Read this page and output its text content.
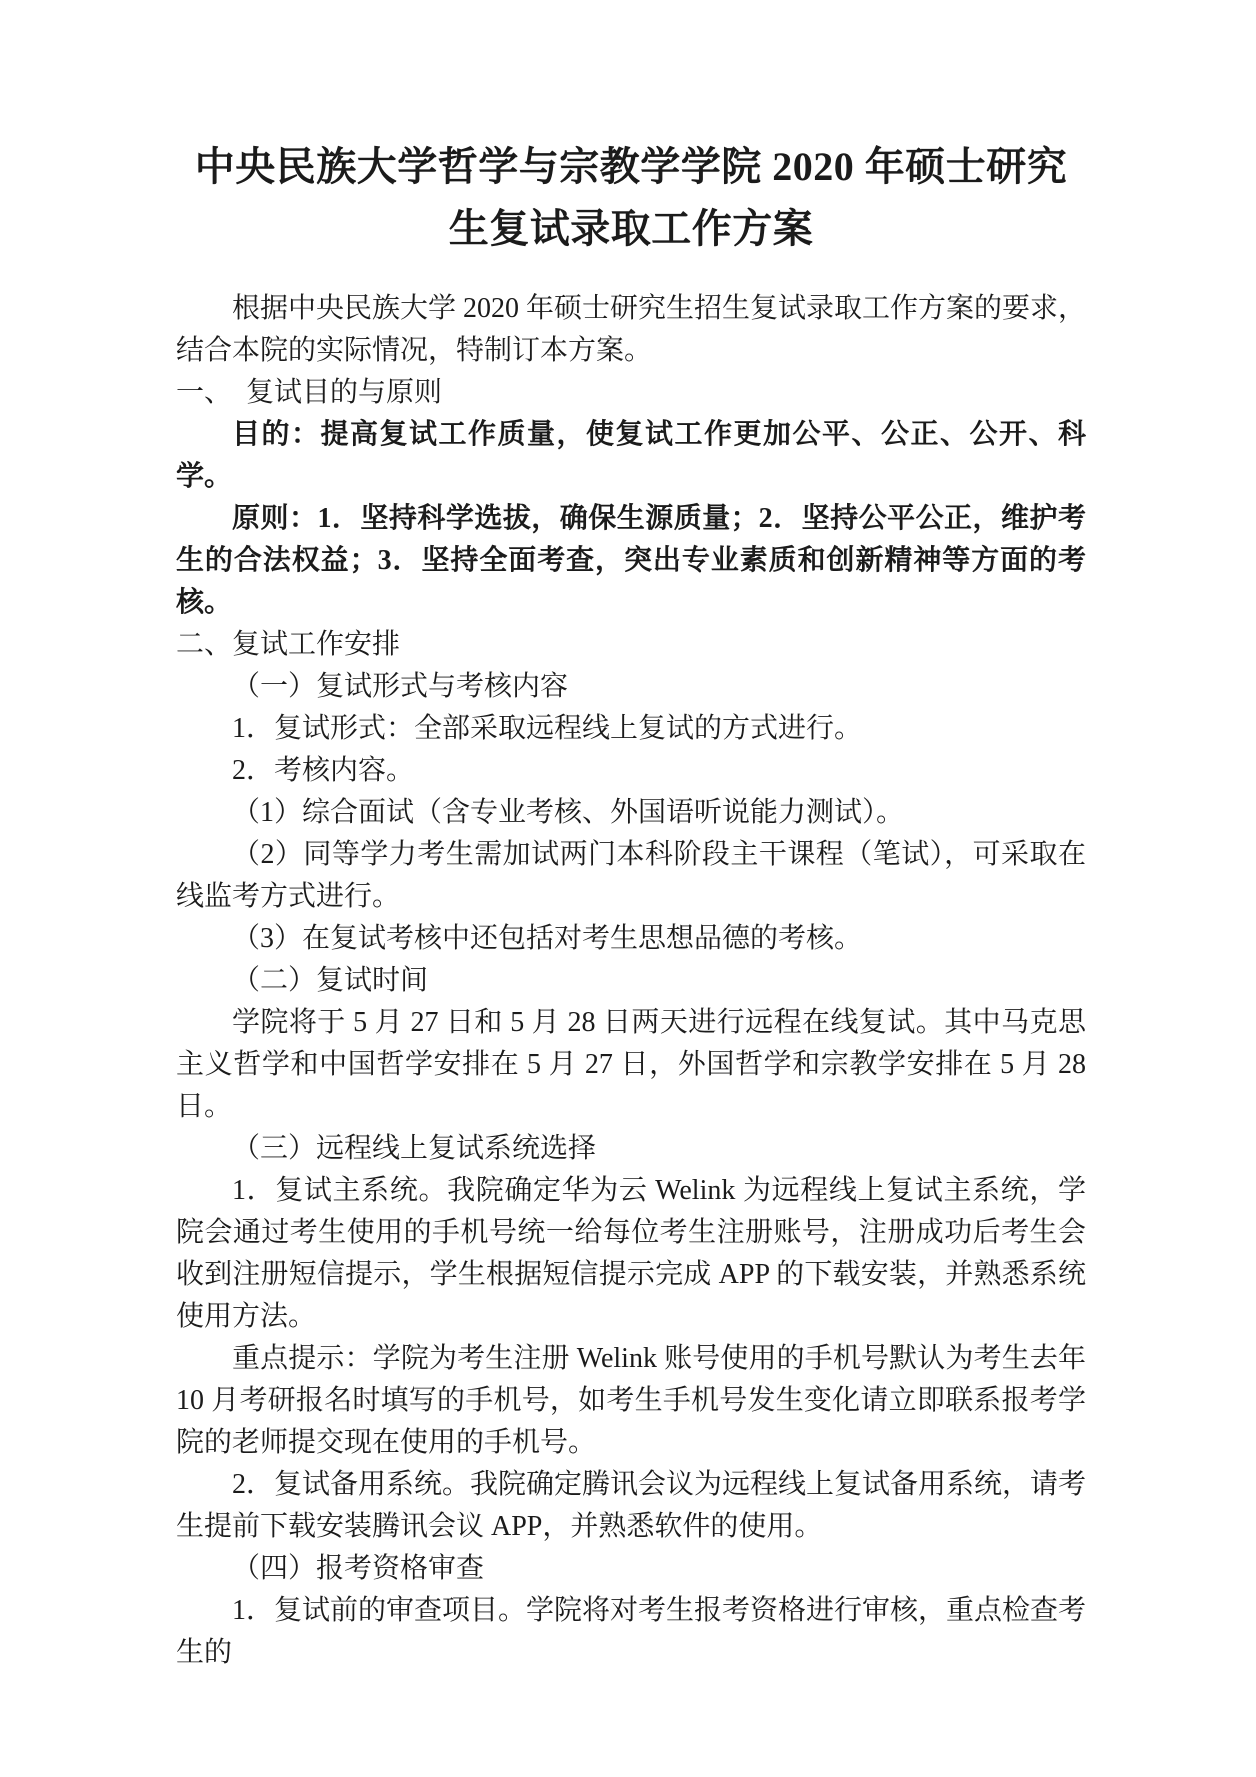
中央民族大学哲学与宗教学学院 2020 年硕士研究生复试录取工作方案

根据中央民族大学 2020 年硕士研究生招生复试录取工作方案的要求，结合本院的实际情况，特制订本方案。

一、　复试目的与原则

目的：提高复试工作质量，使复试工作更加公平、公正、公开、科学。

原则：1．坚持科学选拔，确保生源质量；2．坚持公平公正，维护考生的合法权益；3．坚持全面考查，突出专业素质和创新精神等方面的考核。

二、复试工作安排

（一）复试形式与考核内容

1．复试形式：全部采取远程线上复试的方式进行。

2．考核内容。

（1）综合面试（含专业考核、外国语听说能力测试）。

（2）同等学力考生需加试两门本科阶段主干课程（笔试），可采取在线监考方式进行。

（3）在复试考核中还包括对考生思想品德的考核。

（二）复试时间

学院将于 5 月 27 日和 5 月 28 日两天进行远程在线复试。其中马克思主义哲学和中国哲学安排在 5 月 27 日，外国哲学和宗教学安排在 5 月 28 日。

（三）远程线上复试系统选择

1．复试主系统。我院确定华为云 Welink 为远程线上复试主系统，学院会通过考生使用的手机号统一给每位考生注册账号，注册成功后考生会收到注册短信提示，学生根据短信提示完成 APP 的下载安装，并熟悉系统使用方法。

重点提示：学院为考生注册 Welink 账号使用的手机号默认为考生去年 10 月考研报名时填写的手机号，如考生手机号发生变化请立即联系报考学院的老师提交现在使用的手机号。

2．复试备用系统。我院确定腾讯会议为远程线上复试备用系统，请考生提前下载安装腾讯会议 APP，并熟悉软件的使用。

（四）报考资格审查

1．复试前的审查项目。学院将对考生报考资格进行审核，重点检查考生的
